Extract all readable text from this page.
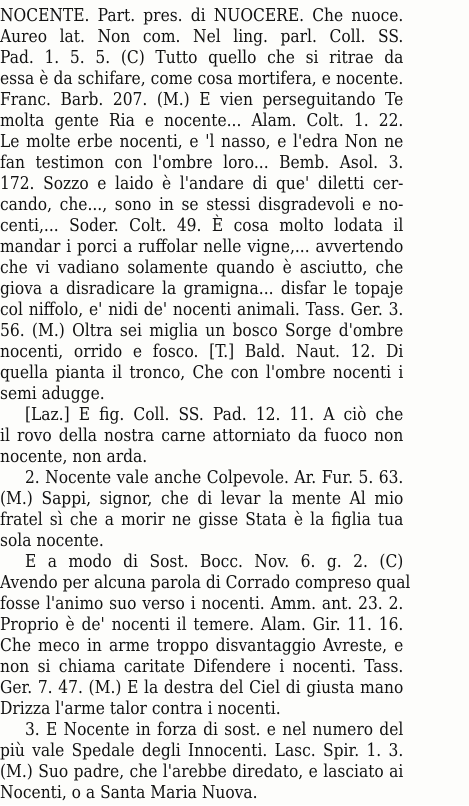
NOCENTE. Part. pres. di NUOCERE. Che nuoce.
Aureo lat. Non com. Nel ling. parl. Coll. SS.
Pad. 1. 5. 5. (C) Tutto quello che si ritrae da
essa è da schifare, come cosa mortifera, e nocente.
Franc. Barb. 207. (M.) E vien perseguitando Te
molta gente Ria e nocente... Alam. Colt. 1. 22.
Le molte erbe nocenti, e 'l nasso, e l'edra Non ne
fan testimon con l'ombre loro... Bemb. Asol. 3.
172. Sozzo e laido è l'andare di que' diletti cer-
cando, che..., sono in se stessi disgradevoli e no-
centi,... Soder. Colt. 49. È cosa molto lodata il
mandar i porci a ruffolar nelle vigne,... avvertendo
che vi vadiano solamente quando è asciutto, che
giova a disradicare la gramigna... disfar le topaje
col niffolo, e' nidi de' nocenti animali. Tass. Ger. 3.
56. (M.) Oltra sei miglia un bosco Sorge d'ombre
nocenti, orrido e fosco. [T.] Bald. Naut. 12. Di
quella pianta il tronco, Che con l'ombre nocenti i
semi adugge.
[Laz.] E fig. Coll. SS. Pad. 12. 11. A ciò che
il rovo della nostra carne attorniato da fuoco non
nocente, non arda.
2. Nocente vale anche Colpevole. Ar. Fur. 5. 63.
(M.) Sappi, signor, che di levar la mente Al mio
fratel sì che a morir ne gisse Stata è la figlia tua
sola nocente.
E a modo di Sost. Bocc. Nov. 6. g. 2. (C)
Avendo per alcuna parola di Corrado compreso qual
fosse l'animo suo verso i nocenti. Amm. ant. 23. 2.
Proprio è de' nocenti il temere. Alam. Gir. 11. 16.
Che meco in arme troppo disvantaggio Avreste, e
non si chiama caritate Difendere i nocenti. Tass.
Ger. 7. 47. (M.) E la destra del Ciel di giusta mano
Drizza l'arme talor contra i nocenti.
3. E Nocente in forza di sost. e nel numero del
più vale Spedale degli Innocenti. Lasc. Spir. 1. 3.
(M.) Suo padre, che l'arebbe diredato, e lasciato ai
Nocenti, o a Santa Maria Nuova.
